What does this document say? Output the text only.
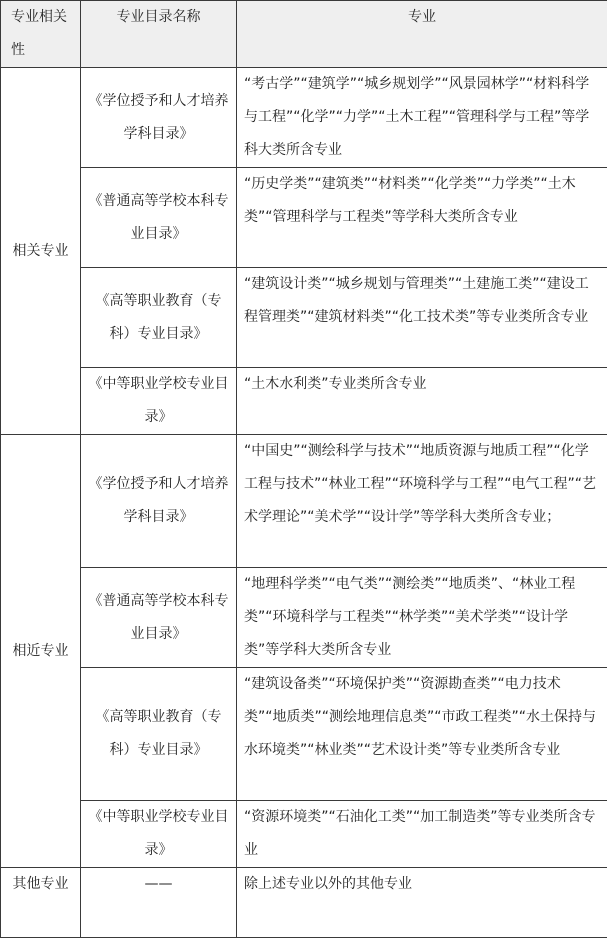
专业相关性	专业目录名称	专业
相关专业	《学位授予和人才培养学科目录》	“考古学”“建筑学”“城乡规划学”“风景园林学”“材料科学与工程”“化学”“力学”“土木工程”“管理科学与工程”等学科大类所含专业
	《普通高等学校本科专业目录》	“历史学类”“建筑类”“材料类”“化学类”“力学类”“土木类”“管理科学与工程类”等学科大类所含专业
	《高等职业教育（专科）专业目录》	“建筑设计类”“城乡规划与管理类”“土建施工类”“建设工程管理类”“建筑材料类”“化工技术类”等专业类所含专业
	《中等职业学校专业目录》	“土木水利类”专业类所含专业
相近专业	《学位授予和人才培养学科目录》	“中国史”“测绘科学与技术”“地质资源与地质工程”“化学工程与技术”“林业工程”“环境科学与工程”“电气工程”“艺术学理论”“美术学”“设计学”等学科大类所含专业；
	《普通高等学校本科专业目录》	“地理科学类”“电气类”“测绘类”“地质类”、“林业工程类”“环境科学与工程类”“林学类”“美术学类”“设计学类”等学科大类所含专业
	《高等职业教育（专科）专业目录》	“建筑设备类”“环境保护类”“资源勘查类”“电力技术类”“地质类”“测绘地理信息类”“市政工程类”“水土保持与水环境类”“林业类”“艺术设计类”等专业类所含专业
	《中等职业学校专业目录》	“资源环境类”“石油化工类”“加工制造类”等专业类所含专业
其他专业	——	除上述专业以外的其他专业
